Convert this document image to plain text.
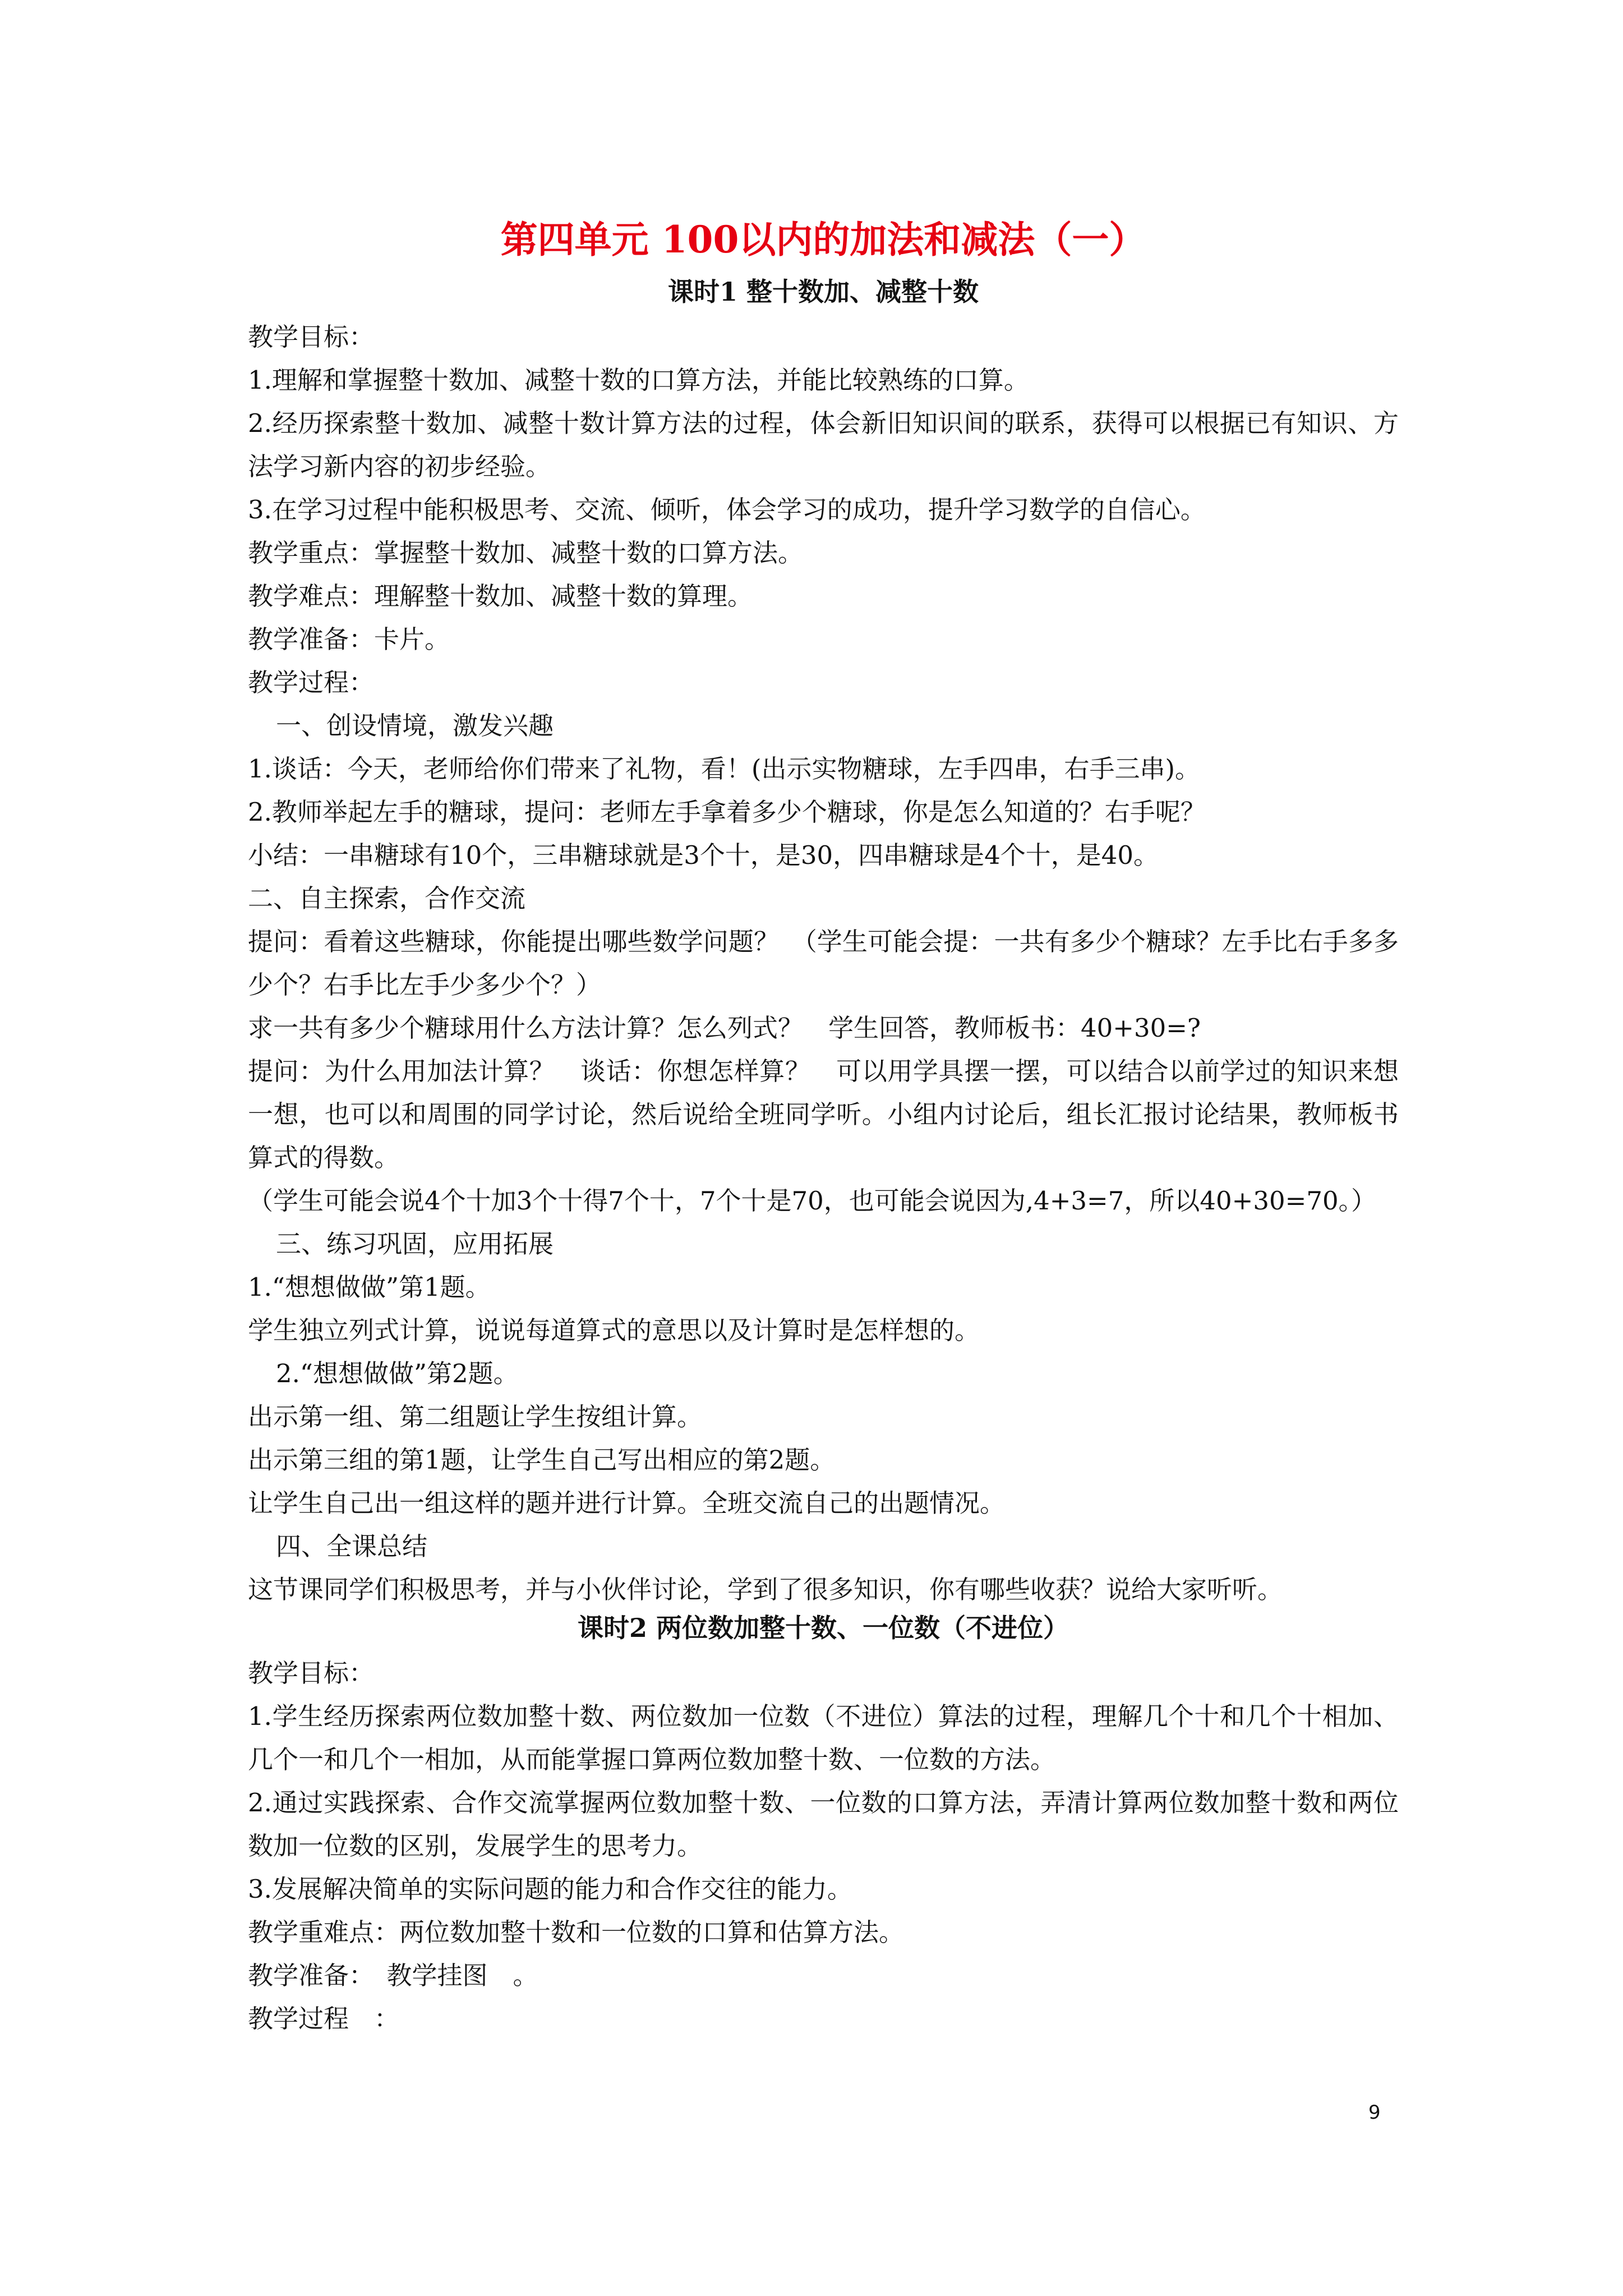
第四单元 100以内的加法和减法（一）
课时1 整十数加、减整十数
教学目标：
1.理解和掌握整十数加、减整十数的口算方法，并能比较熟练的口算。
2.经历探索整十数加、减整十数计算方法的过程，体会新旧知识间的联系，获得可以根据已有知识、方法学习新内容的初步经验。
3.在学习过程中能积极思考、交流、倾听，体会学习的成功，提升学习数学的自信心。
教学重点：掌握整十数加、减整十数的口算方法。
教学难点：理解整十数加、减整十数的算理。
教学准备：卡片。
教学过程：
一、创设情境，激发兴趣
1.谈话：今天，老师给你们带来了礼物，看！(出示实物糖球，左手四串，右手三串)。
2.教师举起左手的糖球，提问：老师左手拿着多少个糖球，你是怎么知道的？右手呢？
小结：一串糖球有10个，三串糖球就是3个十，是30，四串糖球是4个十，是40。
二、自主探索，合作交流
提问：看着这些糖球，你能提出哪些数学问题？　（学生可能会提：一共有多少个糖球？左手比右手多多少个？右手比左手少多少个？）
求一共有多少个糖球用什么方法计算？怎么列式？　学生回答，教师板书：40+30=?
提问：为什么用加法计算？　谈话：你想怎样算？　可以用学具摆一摆，可以结合以前学过的知识来想一想，也可以和周围的同学讨论，然后说给全班同学听。小组内讨论后，组长汇报讨论结果，教师板书算式的得数。
（学生可能会说4个十加3个十得7个十，7个十是70，也可能会说因为,4+3=7，所以40+30=70。）
三、练习巩固，应用拓展
1.“想想做做”第1题。
学生独立列式计算，说说每道算式的意思以及计算时是怎样想的。
2.“想想做做”第2题。
出示第一组、第二组题让学生按组计算。
出示第三组的第1题，让学生自己写出相应的第2题。
让学生自己出一组这样的题并进行计算。全班交流自己的出题情况。
四、全课总结
这节课同学们积极思考，并与小伙伴讨论，学到了很多知识，你有哪些收获？说给大家听听。
课时2 两位数加整十数、一位数（不进位）
教学目标：
1.学生经历探索两位数加整十数、两位数加一位数（不进位）算法的过程，理解几个十和几个十相加、几个一和几个一相加，从而能掌握口算两位数加整十数、一位数的方法。
2.通过实践探索、合作交流掌握两位数加整十数、一位数的口算方法，弄清计算两位数加整十数和两位数加一位数的区别，发展学生的思考力。
3.发展解决简单的实际问题的能力和合作交往的能力。
教学重难点：两位数加整十数和一位数的口算和估算方法。
教学准备：　教学挂图　。
教学过程　：
9
